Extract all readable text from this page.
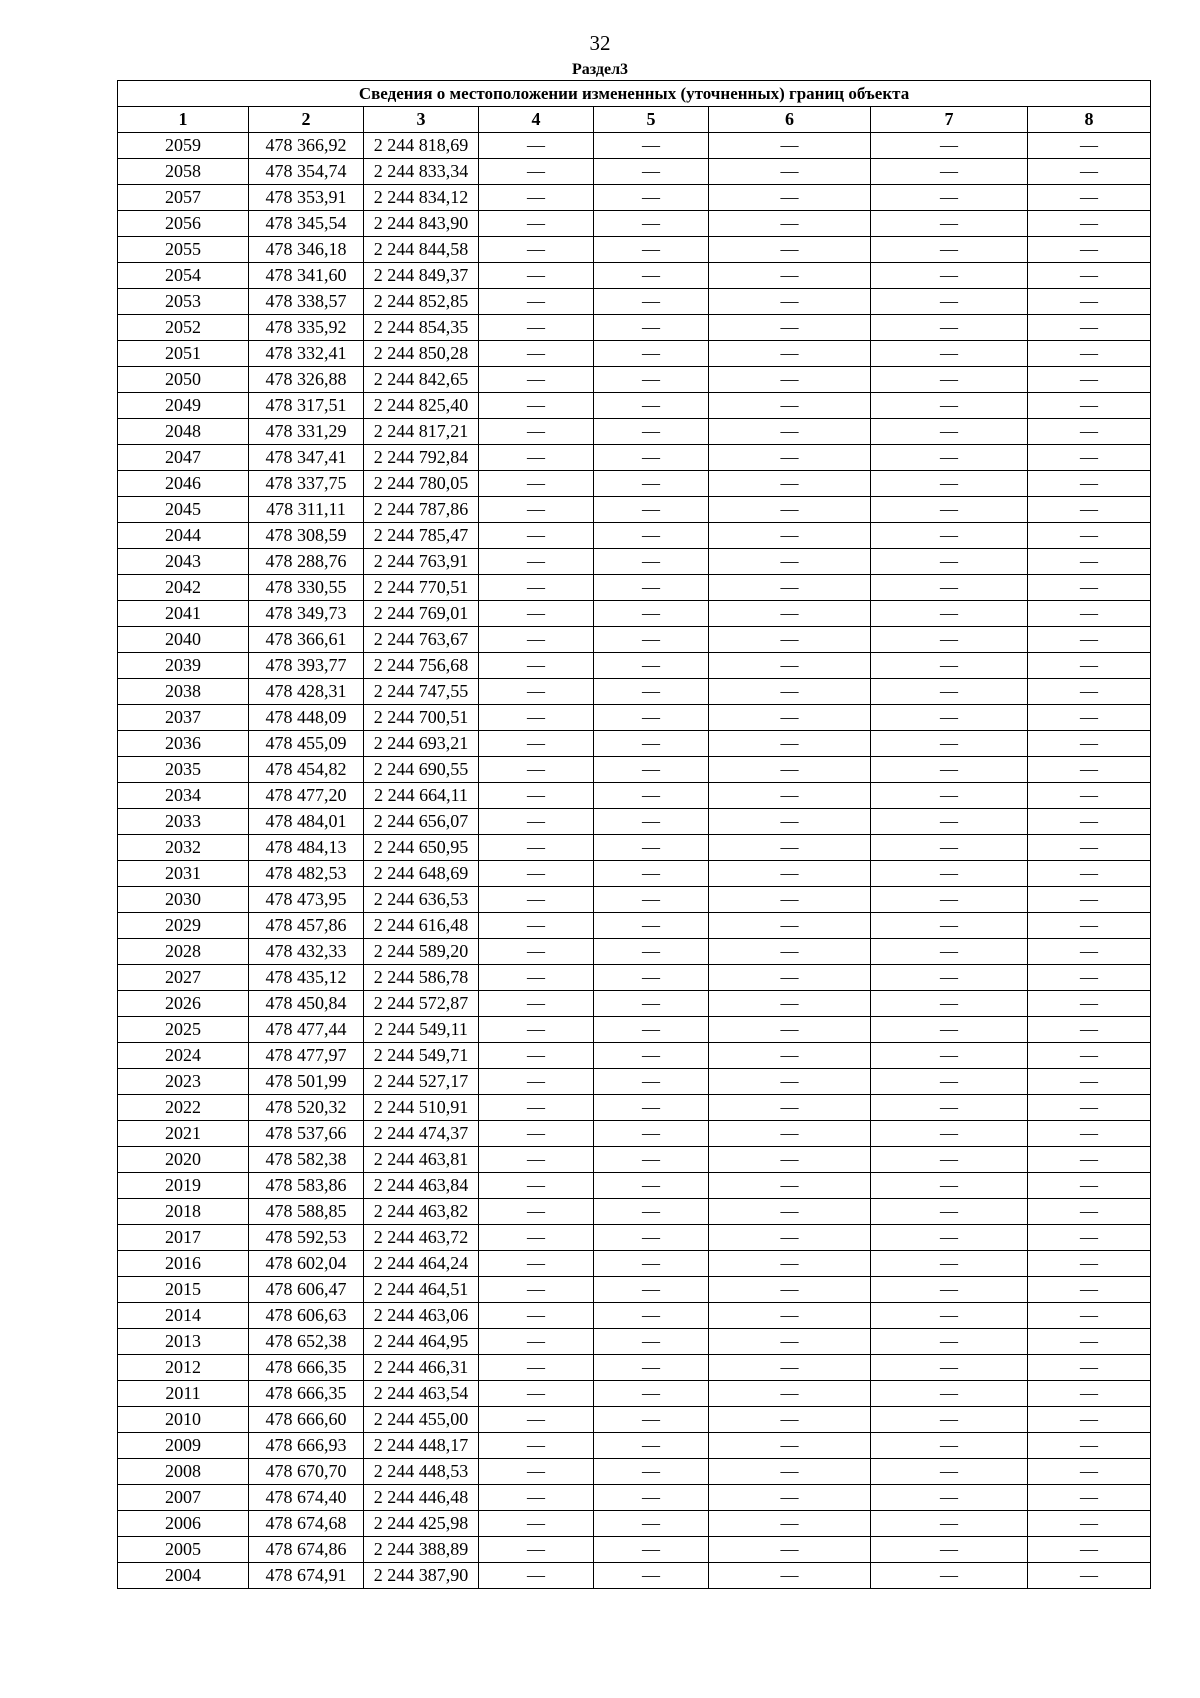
32
Раздел3
Сведения о местоположении измененных (уточненных) границ объекта							
1	2	3	4	5	6	7	8
2059	478 366,92	2 244 818,69	—	—	—	—	—
2058	478 354,74	2 244 833,34	—	—	—	—	—
2057	478 353,91	2 244 834,12	—	—	—	—	—
2056	478 345,54	2 244 843,90	—	—	—	—	—
2055	478 346,18	2 244 844,58	—	—	—	—	—
2054	478 341,60	2 244 849,37	—	—	—	—	—
2053	478 338,57	2 244 852,85	—	—	—	—	—
2052	478 335,92	2 244 854,35	—	—	—	—	—
2051	478 332,41	2 244 850,28	—	—	—	—	—
2050	478 326,88	2 244 842,65	—	—	—	—	—
2049	478 317,51	2 244 825,40	—	—	—	—	—
2048	478 331,29	2 244 817,21	—	—	—	—	—
2047	478 347,41	2 244 792,84	—	—	—	—	—
2046	478 337,75	2 244 780,05	—	—	—	—	—
2045	478 311,11	2 244 787,86	—	—	—	—	—
2044	478 308,59	2 244 785,47	—	—	—	—	—
2043	478 288,76	2 244 763,91	—	—	—	—	—
2042	478 330,55	2 244 770,51	—	—	—	—	—
2041	478 349,73	2 244 769,01	—	—	—	—	—
2040	478 366,61	2 244 763,67	—	—	—	—	—
2039	478 393,77	2 244 756,68	—	—	—	—	—
2038	478 428,31	2 244 747,55	—	—	—	—	—
2037	478 448,09	2 244 700,51	—	—	—	—	—
2036	478 455,09	2 244 693,21	—	—	—	—	—
2035	478 454,82	2 244 690,55	—	—	—	—	—
2034	478 477,20	2 244 664,11	—	—	—	—	—
2033	478 484,01	2 244 656,07	—	—	—	—	—
2032	478 484,13	2 244 650,95	—	—	—	—	—
2031	478 482,53	2 244 648,69	—	—	—	—	—
2030	478 473,95	2 244 636,53	—	—	—	—	—
2029	478 457,86	2 244 616,48	—	—	—	—	—
2028	478 432,33	2 244 589,20	—	—	—	—	—
2027	478 435,12	2 244 586,78	—	—	—	—	—
2026	478 450,84	2 244 572,87	—	—	—	—	—
2025	478 477,44	2 244 549,11	—	—	—	—	—
2024	478 477,97	2 244 549,71	—	—	—	—	—
2023	478 501,99	2 244 527,17	—	—	—	—	—
2022	478 520,32	2 244 510,91	—	—	—	—	—
2021	478 537,66	2 244 474,37	—	—	—	—	—
2020	478 582,38	2 244 463,81	—	—	—	—	—
2019	478 583,86	2 244 463,84	—	—	—	—	—
2018	478 588,85	2 244 463,82	—	—	—	—	—
2017	478 592,53	2 244 463,72	—	—	—	—	—
2016	478 602,04	2 244 464,24	—	—	—	—	—
2015	478 606,47	2 244 464,51	—	—	—	—	—
2014	478 606,63	2 244 463,06	—	—	—	—	—
2013	478 652,38	2 244 464,95	—	—	—	—	—
2012	478 666,35	2 244 466,31	—	—	—	—	—
2011	478 666,35	2 244 463,54	—	—	—	—	—
2010	478 666,60	2 244 455,00	—	—	—	—	—
2009	478 666,93	2 244 448,17	—	—	—	—	—
2008	478 670,70	2 244 448,53	—	—	—	—	—
2007	478 674,40	2 244 446,48	—	—	—	—	—
2006	478 674,68	2 244 425,98	—	—	—	—	—
2005	478 674,86	2 244 388,89	—	—	—	—	—
2004	478 674,91	2 244 387,90	—	—	—	—	—
